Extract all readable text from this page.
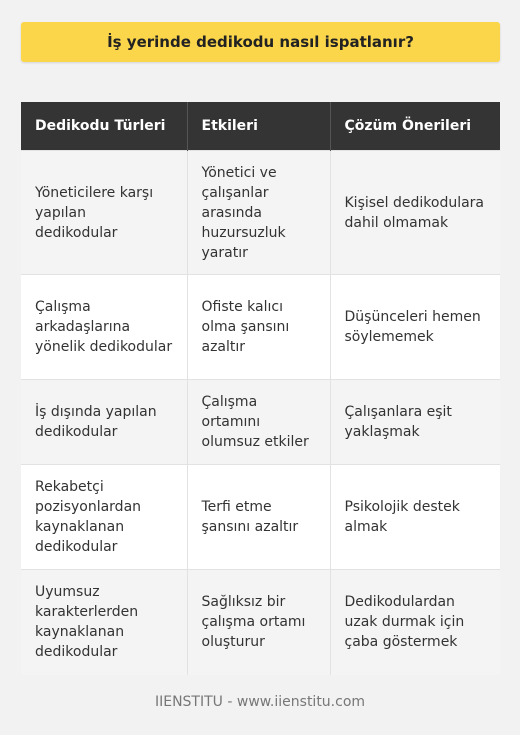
İş yerinde dedikodu nasıl ispatlanır?
Dedikodu Türleri	Etkileri	Çözüm Önerileri
Yöneticilere karşı yapılan dedikodular	Yönetici ve çalışanlar arasında huzursuzluk yaratır	Kişisel dedikodulara dahil olmamak
Çalışma arkadaşlarına yönelik dedikodular	Ofiste kalıcı olma şansını azaltır	Düşünceleri hemen söylememek
İş dışında yapılan dedikodular	Çalışma ortamını olumsuz etkiler	Çalışanlara eşit yaklaşmak
Rekabetçi pozisyonlardan kaynaklanan dedikodular	Terfi etme şansını azaltır	Psikolojik destek almak
Uyumsuz karakterlerden kaynaklanan dedikodular	Sağlıksız bir çalışma ortamı oluşturur	Dedikodulardan uzak durmak için çaba göstermek
IIENSTITU - www.iienstitu.com
